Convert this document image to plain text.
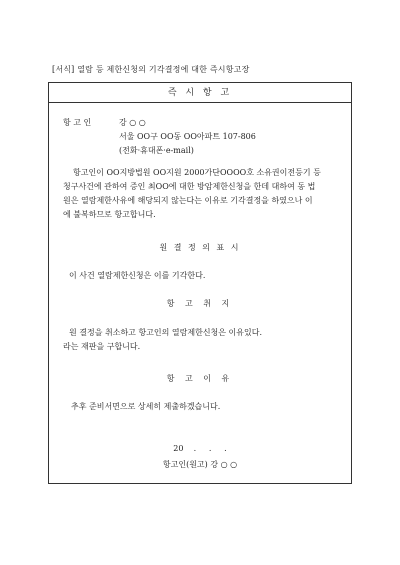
[서식] 열람 등 제한신청의 기각결정에 대한 즉시항고장
즉 시 항 고
항 고 인	강 ○ ○
서울 OO구 OO동 OO아파트 107-806
(전화·휴대폰·e-mail)
항고인이 OO지방법원 OO지원 2000가단OOOO호 소유권이전등기 등
청구사건에 관하여 증인 최OO에 대한 방암제한신청을 한데 대하여 동 법
원은 열람제한사유에 해당되지 않는다는 이유로 기각결정을 하였으나 이
에 불복하므로 항고합니다.
원 결 정 의 표 시
이 사건 열람제한신청은 이를 기각한다.
항 고 취 지
원 결정을 취소하고 항고인의 열람제한신청은 이유있다.
라는 재판을 구합니다.
항 고 이 유
추후 준비서면으로 상세히 제출하겠습니다.
20    .     .     .
항고인(원고) 강 ○ ○
